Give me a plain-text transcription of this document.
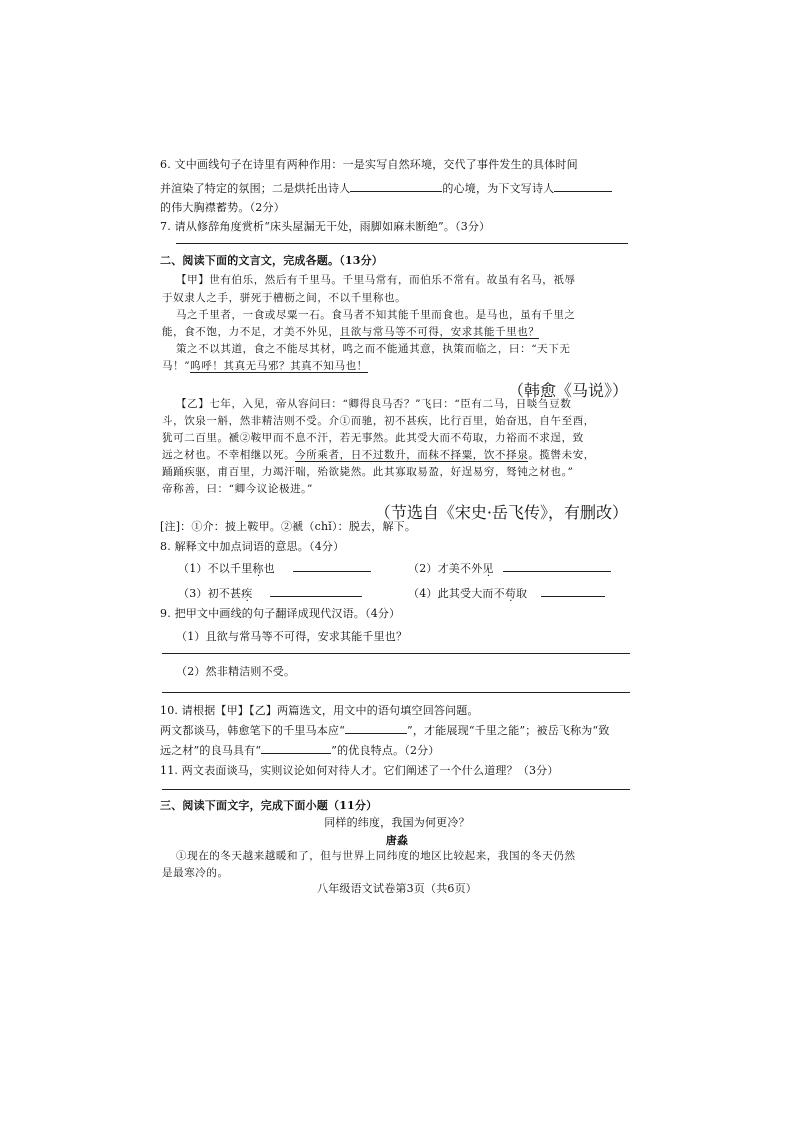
6. 文中画线句子在诗里有两种作用：一是实写自然环境，交代了事件发生的具体时间
并渲染了特定的氛围；二是烘托出诗人	的心境，为下文写诗人
的伟大胸襟蓄势。（2分）
7. 请从修辞角度赏析“床头屋漏无干处，雨脚如麻未断绝”。（3分）
二、阅读下面的文言文，完成各题。（13分）
【甲】世有伯乐，然后有千里马。千里马常有，而伯乐不常有。故虽有名马，祇辱
于奴隶人之手，骈死于槽枥之间，不以千里称也。
马之千里者，一食或尽粟一石。食马者不知其能千里而食也。是马也，虽有千里之
能，食不饱，力不足，才美不外见，且欲与常马等不可得，安求其能千里也？
策之不以其道，食之不能尽其材，鸣之而不能通其意，执策而临之，曰：“天下无
马！”呜呼！其真无马邪？其真不知马也！
（韩愈《马说》）
【乙】七年，入见，帝从容问曰：“卿得良马否？”飞曰：“臣有二马，日啖刍豆数
斗，饮泉一斛，然非精洁则不受。介①而驰，初不甚疾，比行百里，始奋迅，自午至酉，
犹可二百里。褫②鞍甲而不息不汗，若无事然。此其受大而不苟取，力裕而不求逞，致
远之材也。不幸相继以死。今所乘者，日不过数升，而秣不择粟，饮不择泉。揽辔未安，
踊踊疾驱，甫百里，力竭汗喘，殆欲毙然。此其寡取易盈，好逞易穷，驽钝之材也。”
帝称善，曰：“卿今议论极进。”
（节选自《宋史·岳飞传》，有删改）
[注]：①介：披上鞍甲。②褫（chǐ）：脱去，解下。
8. 解释文中加点词语的意思。（4分）
（1）不以千里称也	（2）才美不外见
（3）初不甚疾	（4）此其受大而不苟取
9. 把甲文中画线的句子翻译成现代汉语。（4分）
（1）且欲与常马等不可得，安求其能千里也？
（2）然非精洁则不受。
10. 请根据【甲】【乙】两篇选文，用文中的语句填空回答问题。
两文都谈马，韩愈笔下的千里马本应“	”，才能展现“千里之能”；被岳飞称为“致
远之材”的良马具有“	”的优良特点。（2分）
11. 两文表面谈马，实则议论如何对待人才。它们阐述了一个什么道理？（3分）
三、阅读下面文字，完成下面小题（11分）
同样的纬度，我国为何更冷？
唐淼
①现在的冬天越来越暖和了，但与世界上同纬度的地区比较起来，我国的冬天仍然
是最寒冷的。
八年级语文试卷第3页（共6页）
